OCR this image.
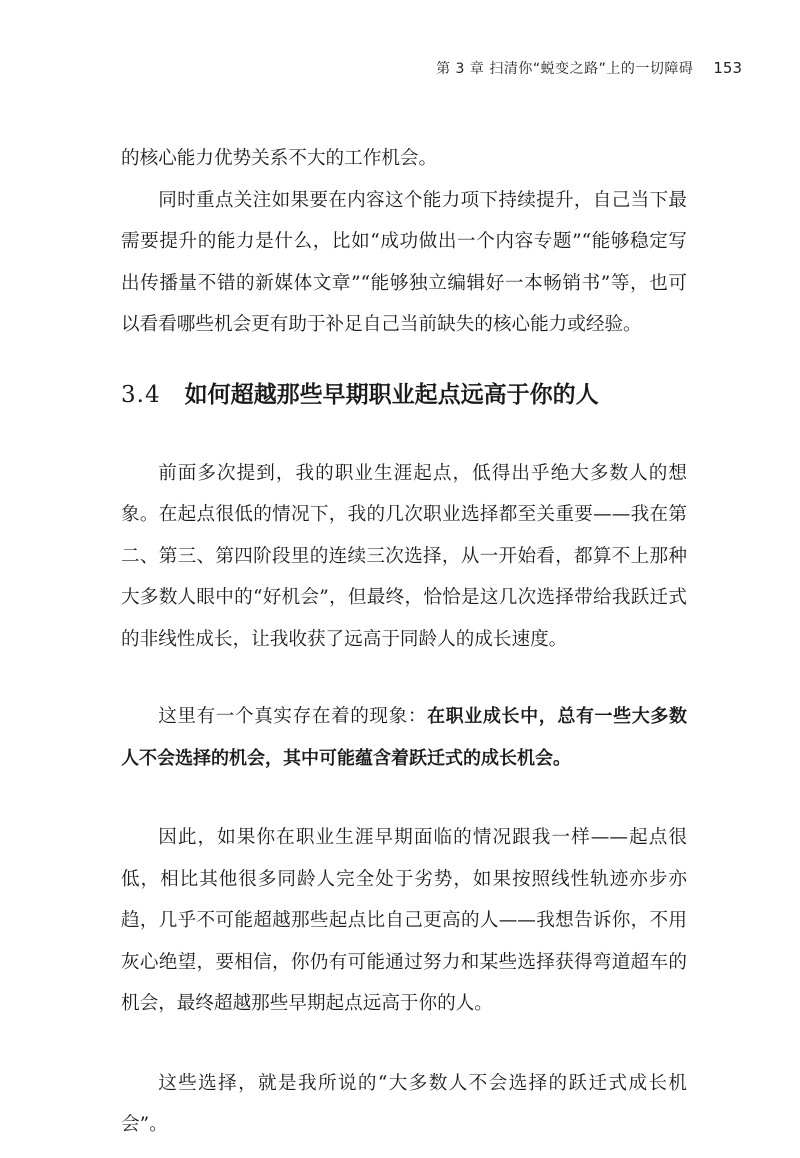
第 3 章 扫清你“蜕变之路”上的一切障碍 153

的核心能力优势关系不大的工作机会。

同时重点关注如果要在内容这个能力项下持续提升，自己当下最需要提升的能力是什么，比如“成功做出一个内容专题”“能够稳定写出传播量不错的新媒体文章”“能够独立编辑好一本畅销书”等，也可以看看哪些机会更有助于补足自己当前缺失的核心能力或经验。

3.4 如何超越那些早期职业起点远高于你的人

前面多次提到，我的职业生涯起点，低得出乎绝大多数人的想象。在起点很低的情况下，我的几次职业选择都至关重要——我在第二、第三、第四阶段里的连续三次选择，从一开始看，都算不上那种大多数人眼中的“好机会”，但最终，恰恰是这几次选择带给我跃迁式的非线性成长，让我收获了远高于同龄人的成长速度。

这里有一个真实存在着的现象：在职业成长中，总有一些大多数人不会选择的机会，其中可能蕴含着跃迁式的成长机会。

因此，如果你在职业生涯早期面临的情况跟我一样——起点很低，相比其他很多同龄人完全处于劣势，如果按照线性轨迹亦步亦趋，几乎不可能超越那些起点比自己更高的人——我想告诉你，不用灰心绝望，要相信，你仍有可能通过努力和某些选择获得弯道超车的机会，最终超越那些早期起点远高于你的人。

这些选择，就是我所说的“大多数人不会选择的跃迁式成长机会”。
